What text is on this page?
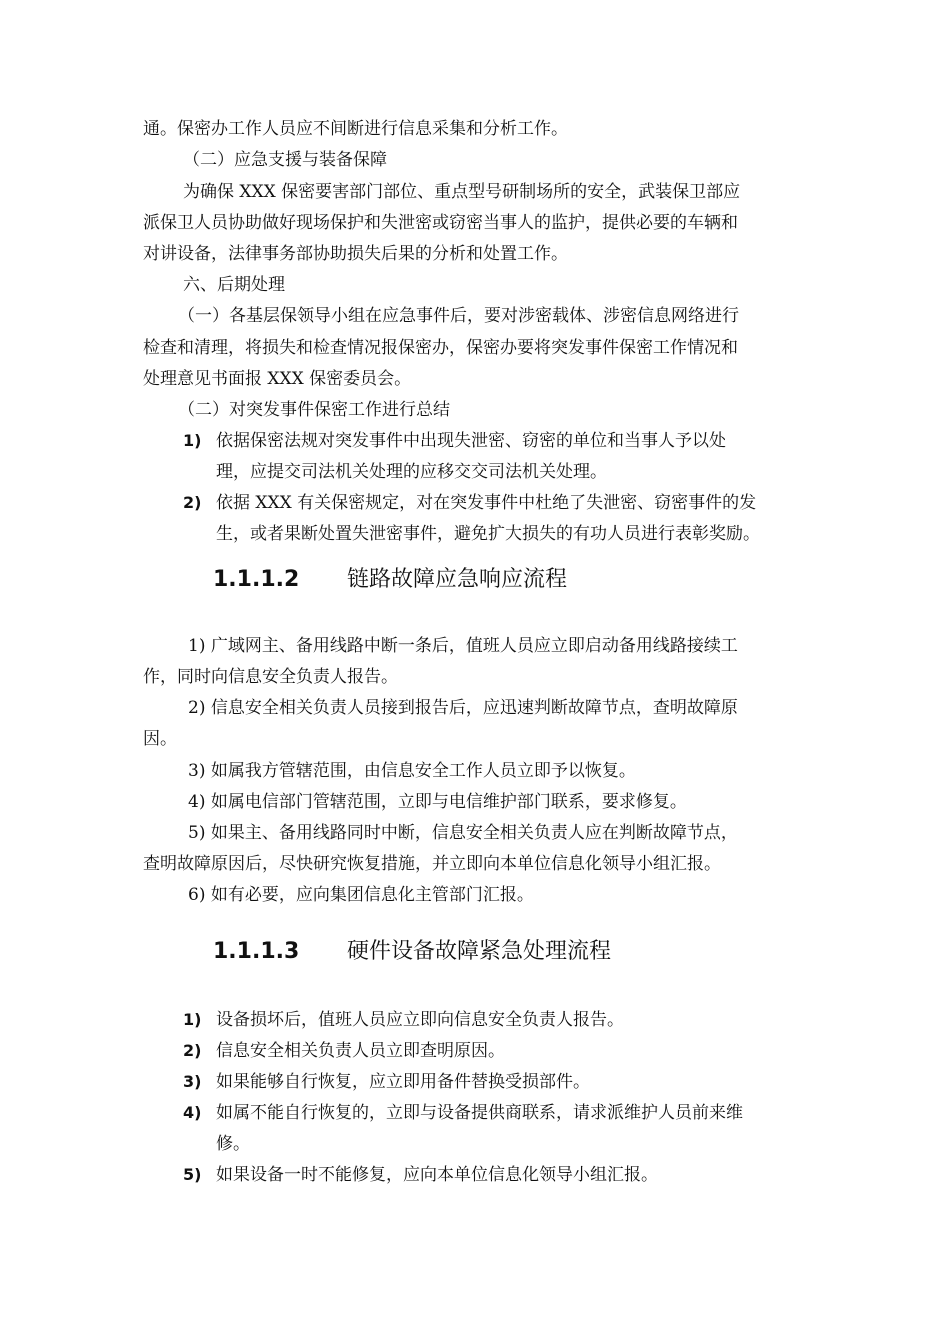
通。保密办工作人员应不间断进行信息采集和分析工作。
（二）应急支援与装备保障
为确保 XXX 保密要害部门部位、重点型号研制场所的安全，武装保卫部应
派保卫人员协助做好现场保护和失泄密或窃密当事人的监护，提供必要的车辆和
对讲设备，法律事务部协助损失后果的分析和处置工作。
六、后期处理
（一）各基层保领导小组在应急事件后，要对涉密载体、涉密信息网络进行
检查和清理，将损失和检查情况报保密办，保密办要将突发事件保密工作情况和
处理意见书面报 XXX 保密委员会。
（二）对突发事件保密工作进行总结
1) 依据保密法规对突发事件中出现失泄密、窃密的单位和当事人予以处
理，应提交司法机关处理的应移交交司法机关处理。
2) 依据 XXX 有关保密规定，对在突发事件中杜绝了失泄密、窃密事件的发
生，或者果断处置失泄密事件，避免扩大损失的有功人员进行表彰奖励。
1.1.1.2 链路故障应急响应流程
1) 广域网主、备用线路中断一条后，值班人员应立即启动备用线路接续工
作，同时向信息安全负责人报告。
2) 信息安全相关负责人员接到报告后，应迅速判断故障节点，查明故障原
因。
3) 如属我方管辖范围，由信息安全工作人员立即予以恢复。
4) 如属电信部门管辖范围，立即与电信维护部门联系，要求修复。
5) 如果主、备用线路同时中断，信息安全相关负责人应在判断故障节点，
查明故障原因后，尽快研究恢复措施，并立即向本单位信息化领导小组汇报。
6) 如有必要，应向集团信息化主管部门汇报。
1.1.1.3 硬件设备故障紧急处理流程
1) 设备损坏后，值班人员应立即向信息安全负责人报告。
2) 信息安全相关负责人员立即查明原因。
3) 如果能够自行恢复，应立即用备件替换受损部件。
4) 如属不能自行恢复的，立即与设备提供商联系，请求派维护人员前来维
修。
5) 如果设备一时不能修复，应向本单位信息化领导小组汇报。
